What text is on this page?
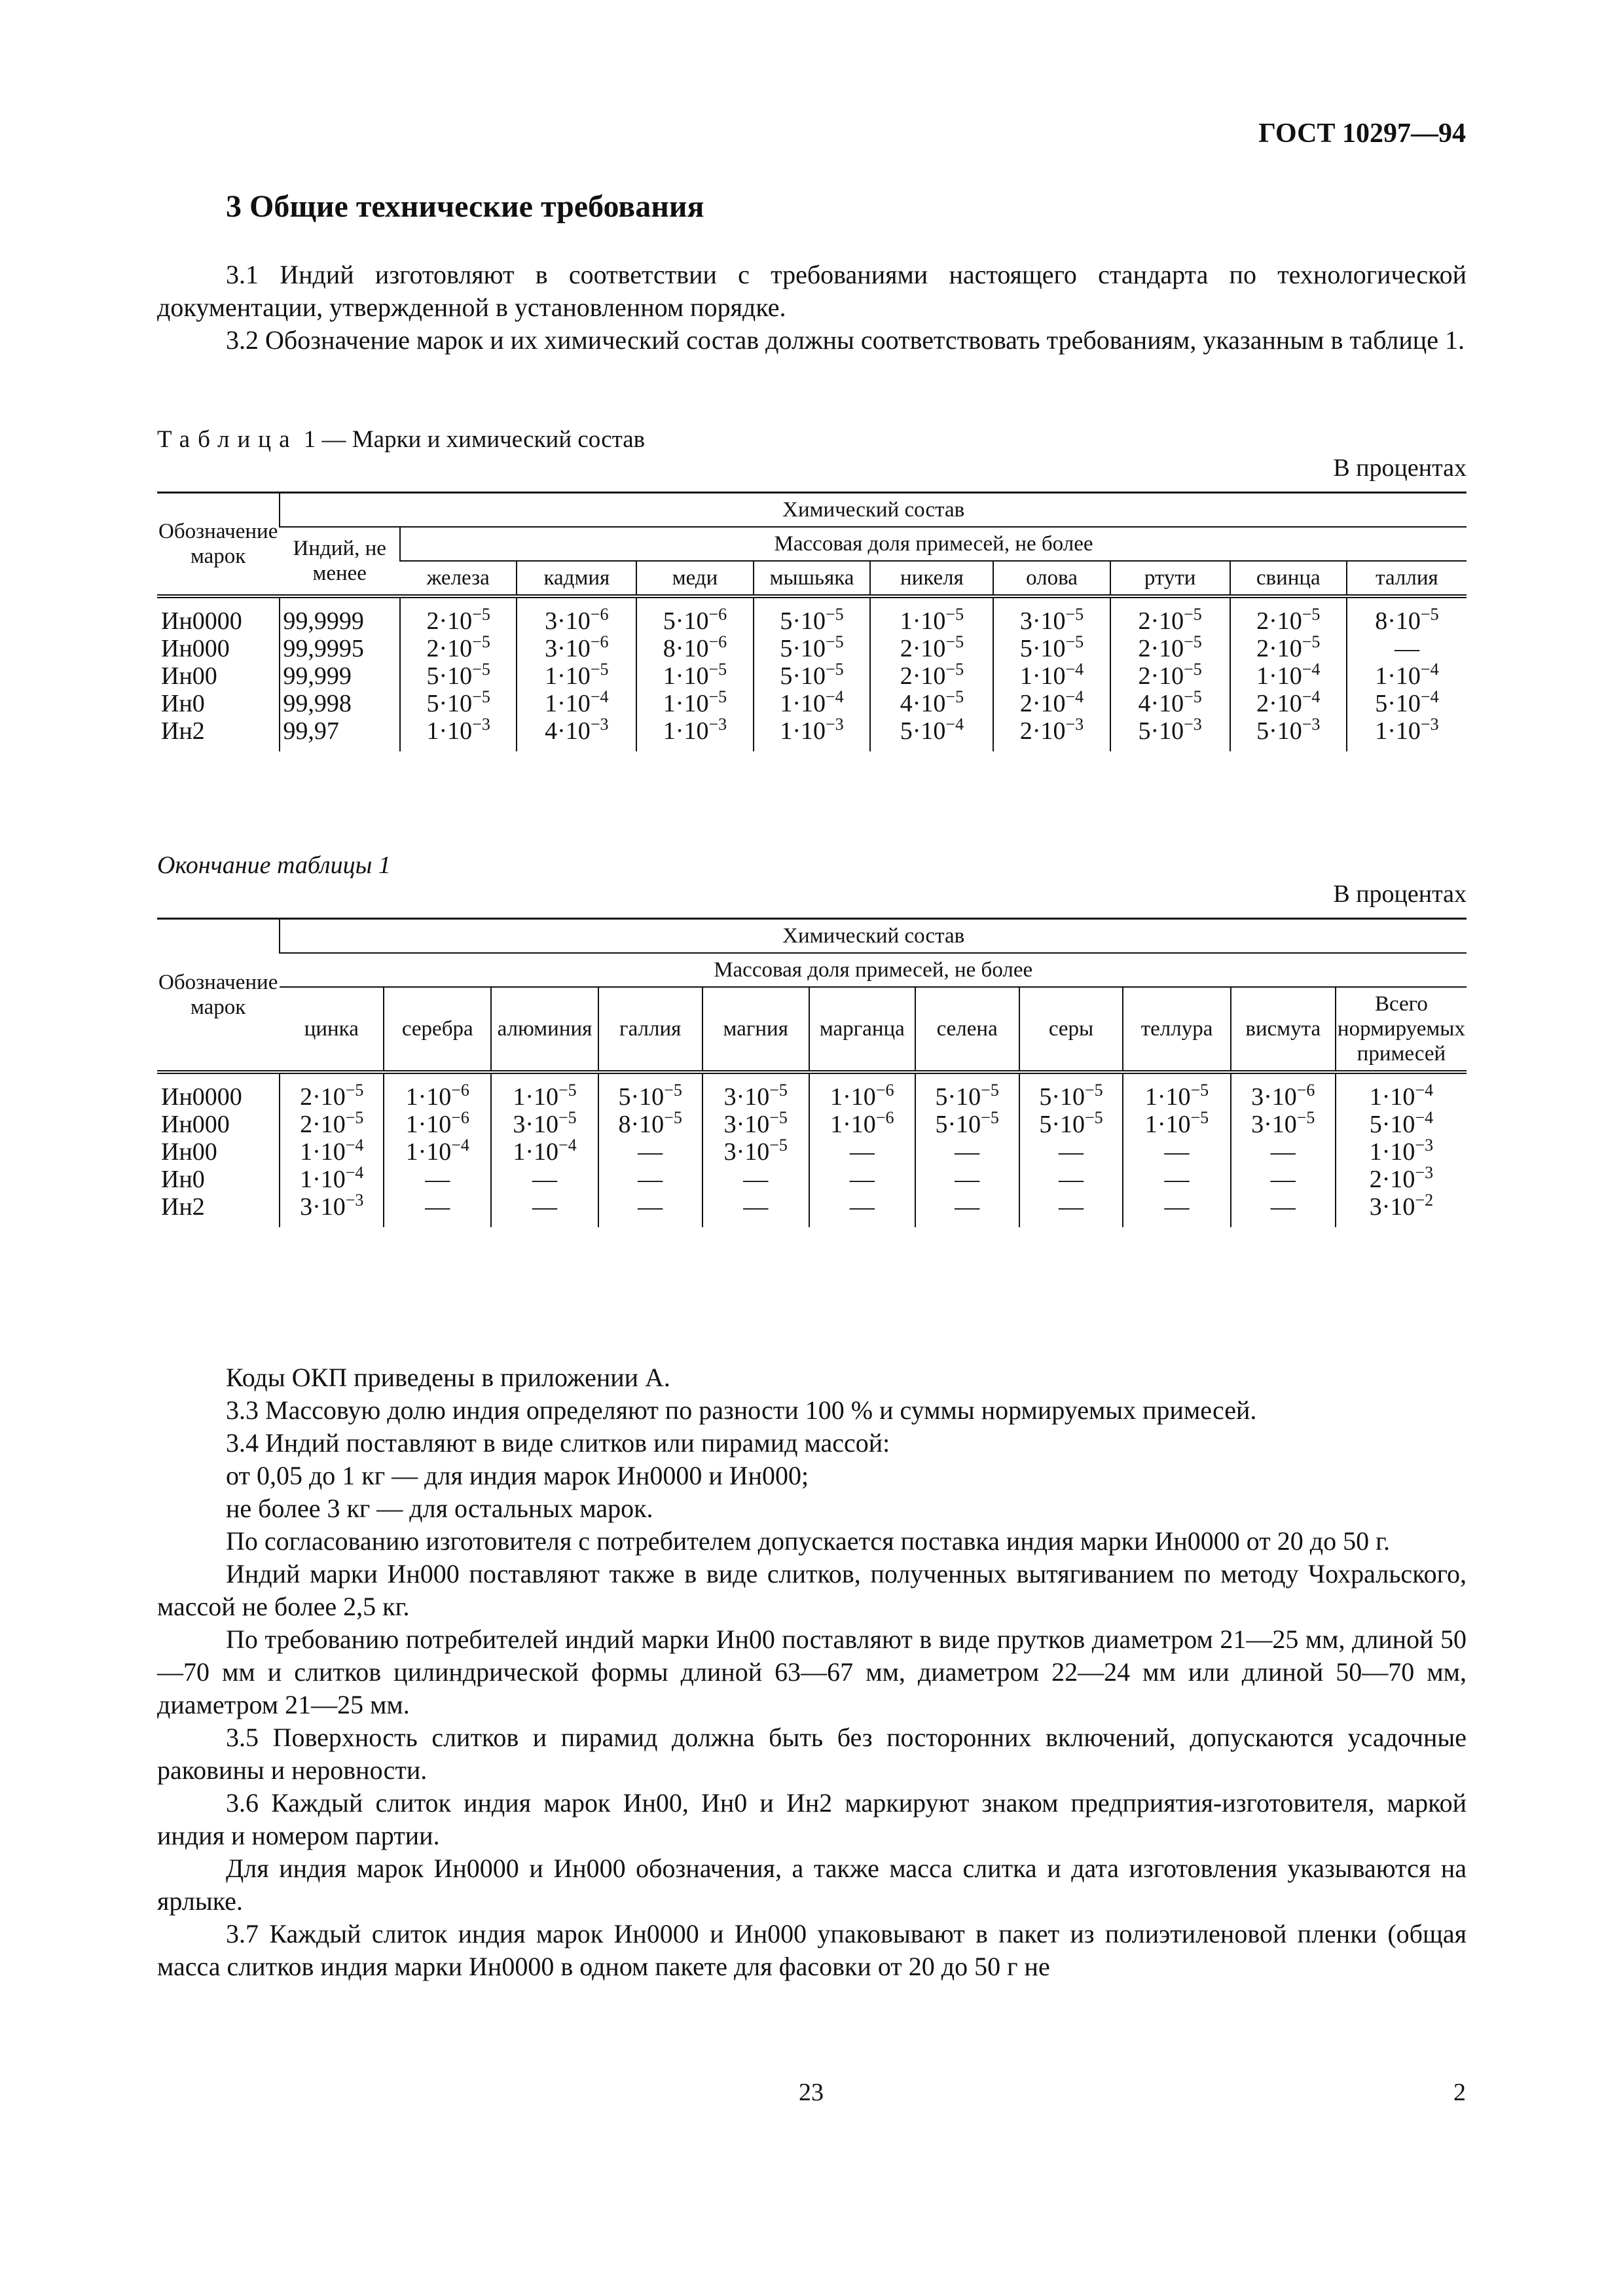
ГОСТ 10297—94
3 Общие технические требования

3.1 Индий изготовляют в соответствии с требованиями настоящего стандарта по технологической документации, утвержденной в установленном порядке.

3.2 Обозначение марок и их химический состав должны соответствовать требованиям, указанным в таблице 1.

Таблица 1 — Марки и химический состав
В процентах
Обозначение марок	Химический состав									
	Индий, не менее	Массовая доля примесей, не более								
		железа	кадмия	меди	мышьяка	никеля	олова	ртути	свинца	таллия
Ин0000	99,9999	$2\cdot 10^{-5}$	$3\cdot 10^{-6}$	$5\cdot 10^{-6}$	$5\cdot 10^{-5}$	$1\cdot 10^{-5}$	$3\cdot 10^{-5}$	$2\cdot 10^{-5}$	$2\cdot 10^{-5}$	$8\cdot 10^{-5}$
Ин000	99,9995	$2\cdot 10^{-5}$	$3\cdot 10^{-6}$	$8\cdot 10^{-6}$	$5\cdot 10^{-5}$	$2\cdot 10^{-5}$	$5\cdot 10^{-5}$	$2\cdot 10^{-5}$	$2\cdot 10^{-5}$	—
Ин00	99,999	$5\cdot 10^{-5}$	$1\cdot 10^{-5}$	$1\cdot 10^{-5}$	$5\cdot 10^{-5}$	$2\cdot 10^{-5}$	$1\cdot 10^{-4}$	$2\cdot 10^{-5}$	$1\cdot 10^{-4}$	$1\cdot 10^{-4}$
Ин0	99,998	$5\cdot 10^{-5}$	$1\cdot 10^{-4}$	$1\cdot 10^{-5}$	$1\cdot 10^{-4}$	$4\cdot 10^{-5}$	$2\cdot 10^{-4}$	$4\cdot 10^{-5}$	$2\cdot 10^{-4}$	$5\cdot 10^{-4}$
Ин2	99,97	$1\cdot 10^{-3}$	$4\cdot 10^{-3}$	$1\cdot 10^{-3}$	$1\cdot 10^{-3}$	$5\cdot 10^{-4}$	$2\cdot 10^{-3}$	$5\cdot 10^{-3}$	$5\cdot 10^{-3}$	$1\cdot 10^{-3}$
Окончание таблицы 1
В процентах
Обозначение марок	Химический состав										
	Массовая доля примесей, не более										
	цинка	серебра	алюминия	галлия	магния	марганца	селена	серы	теллура	висмута	Всего нормируемых примесей
Ин0000	$2\cdot 10^{-5}$	$1\cdot 10^{-6}$	$1\cdot 10^{-5}$	$5\cdot 10^{-5}$	$3\cdot 10^{-5}$	$1\cdot 10^{-6}$	$5\cdot 10^{-5}$	$5\cdot 10^{-5}$	$1\cdot 10^{-5}$	$3\cdot 10^{-6}$	$1\cdot 10^{-4}$
Ин000	$2\cdot 10^{-5}$	$1\cdot 10^{-6}$	$3\cdot 10^{-5}$	$8\cdot 10^{-5}$	$3\cdot 10^{-5}$	$1\cdot 10^{-6}$	$5\cdot 10^{-5}$	$5\cdot 10^{-5}$	$1\cdot 10^{-5}$	$3\cdot 10^{-5}$	$5\cdot 10^{-4}$
Ин00	$1\cdot 10^{-4}$	$1\cdot 10^{-4}$	$1\cdot 10^{-4}$	—	$3\cdot 10^{-5}$	—	—	—	—	—	$1\cdot 10^{-3}$
Ин0	$1\cdot 10^{-4}$	—	—	—	—	—	—	—	—	—	$2\cdot 10^{-3}$
Ин2	$3\cdot 10^{-3}$	—	—	—	—	—	—	—	—	—	$3\cdot 10^{-2}$

Коды ОКП приведены в приложении А.

3.3 Массовую долю индия определяют по разности 100 % и суммы нормируемых примесей.

3.4 Индий поставляют в виде слитков или пирамид массой:

от 0,05 до 1 кг — для индия марок Ин0000 и Ин000;

не более 3 кг — для остальных марок.

По согласованию изготовителя с потребителем допускается поставка индия марки Ин0000 от 20 до 50 г.

Индий марки Ин000 поставляют также в виде слитков, полученных вытягиванием по методу Чохральского, массой не более 2,5 кг.

По требованию потребителей индий марки Ин00 поставляют в виде прутков диаметром 21—25 мм, длиной 50—70 мм и слитков цилиндрической формы длиной 63—67 мм, диаметром 22—24 мм или длиной 50—70 мм, диаметром 21—25 мм.

3.5 Поверхность слитков и пирамид должна быть без посторонних включений, допускаются усадочные раковины и неровности.

3.6 Каждый слиток индия марок Ин00, Ин0 и Ин2 маркируют знаком предприятия-изготовителя, маркой индия и номером партии.

Для индия марок Ин0000 и Ин000 обозначения, а также масса слитка и дата изготовления указываются на ярлыке.

3.7 Каждый слиток индия марок Ин0000 и Ин000 упаковывают в пакет из полиэтиленовой пленки (общая масса слитков индия марки Ин0000 в одном пакете для фасовки от 20 до 50 г не

23	2
